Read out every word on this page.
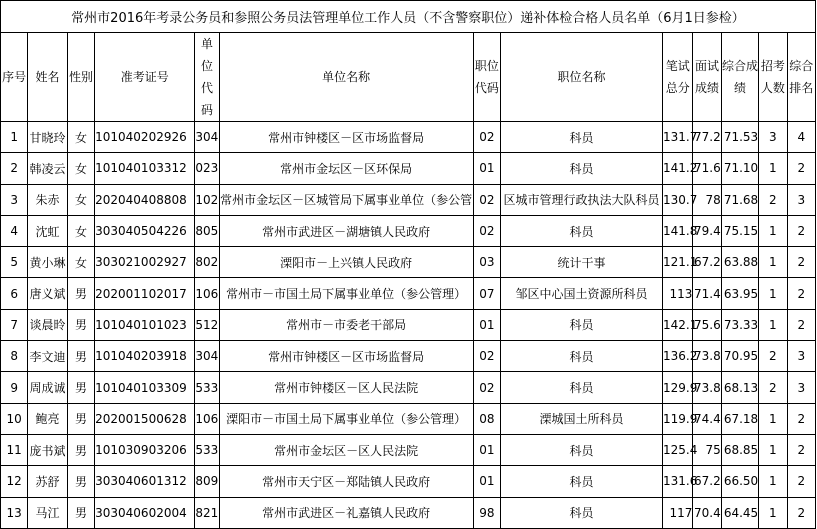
常州市2016年考录公务员和参照公务员法管理单位工作人员（不含警察职位）递补体检合格人员名单（6月1日参检）												
序号	姓名	性别	准考证号	单位代码	单位名称	职位代码	职位名称	笔试总分	面试成绩	综合成绩	招考人数	综合排名
1	甘晓玲	女	101040202926	304	常州市钟楼区－区市场监督局	02	科员	131.7	77.2	71.53	3	4
2	韩凌云	女	101040103312	023	常州市金坛区－区环保局	01	科员	141.2	71.6	71.10	1	2
3	朱赤	女	202040408808	102	常州市金坛区－区城管局下属事业单位（参公管	02	区城市管理行政执法大队科员	130.7	78	71.68	2	3
4	沈虹	女	303040504226	805	常州市武进区－湖塘镇人民政府	02	科员	141.8	79.4	75.15	1	2
5	黄小琳	女	303021002927	802	溧阳市－上兴镇人民政府	03	统计干事	121.1	67.2	63.88	1	2
6	唐义斌	男	202001102017	106	常州市－市国土局下属事业单位（参公管理）	07	邹区中心国土资源所科员	113	71.4	63.95	1	2
7	谈晨昤	男	101040101023	512	常州市－市委老干部局	01	科员	142.1	75.6	73.33	1	2
8	李文迪	男	101040203918	304	常州市钟楼区－区市场监督局	02	科员	136.2	73.8	70.95	2	3
9	周成诚	男	101040103309	533	常州市钟楼区－区人民法院	02	科员	129.9	73.8	68.13	2	3
10	鲍亮	男	202001500628	106	溧阳市－市国土局下属事业单位（参公管理）	08	溧城国土所科员	119.9	74.4	67.18	1	2
11	庞书斌	男	101030903206	533	常州市金坛区－区人民法院	01	科员	125.4	75	68.85	1	2
12	苏舒	男	303040601312	809	常州市天宁区－郑陆镇人民政府	01	科员	131.6	67.2	66.50	1	2
13	马江	男	303040602004	821	常州市武进区－礼嘉镇人民政府	98	科员	117	70.4	64.45	1	2
